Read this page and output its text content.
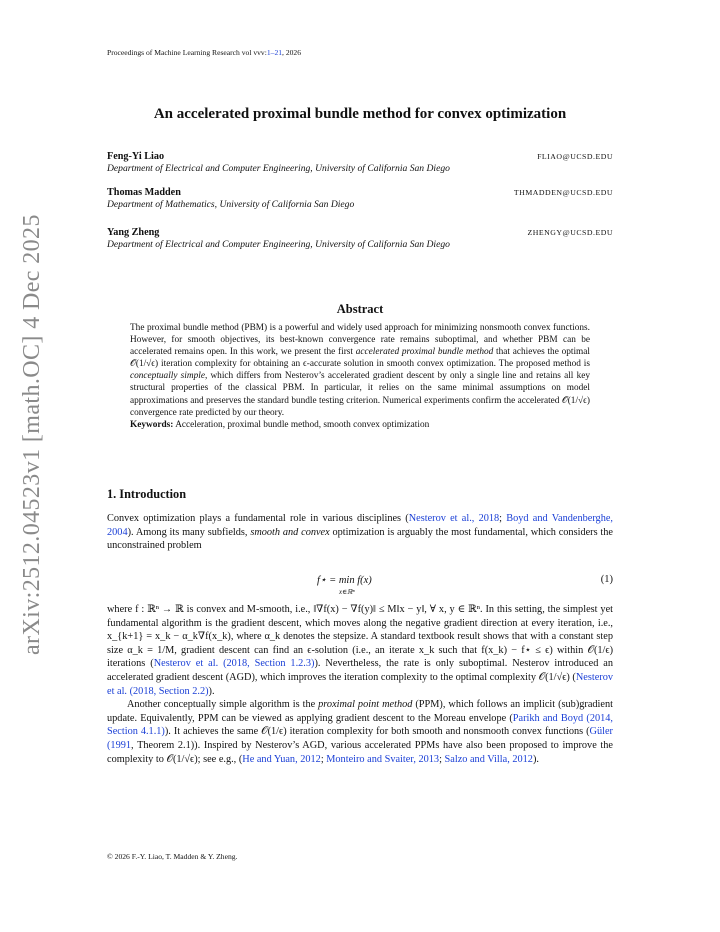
arXiv:2512.04523v1 [math.OC] 4 Dec 2025
Proceedings of Machine Learning Research vol vvv:1–21, 2026
An accelerated proximal bundle method for convex optimization
Feng-Yi Liao	FLIAO@UCSD.EDU
Department of Electrical and Computer Engineering, University of California San Diego
Thomas Madden	THMADDEN@UCSD.EDU
Department of Mathematics, University of California San Diego
Yang Zheng	ZHENGY@UCSD.EDU
Department of Electrical and Computer Engineering, University of California San Diego
Abstract
The proximal bundle method (PBM) is a powerful and widely used approach for minimizing nonsmooth convex functions. However, for smooth objectives, its best-known convergence rate remains suboptimal, and whether PBM can be accelerated remains open. In this work, we present the first accelerated proximal bundle method that achieves the optimal 𝒪(1/√ϵ) iteration complexity for obtaining an ϵ-accurate solution in smooth convex optimization. The proposed method is conceptually simple, which differs from Nesterov’s accelerated gradient descent by only a single line and retains all key structural properties of the classical PBM. In particular, it relies on the same minimal assumptions on model approximations and preserves the standard bundle testing criterion. Numerical experiments confirm the accelerated 𝒪(1/√ϵ) convergence rate predicted by our theory.
Keywords: Acceleration, proximal bundle method, smooth convex optimization
1. Introduction
Convex optimization plays a fundamental role in various disciplines (Nesterov et al., 2018; Boyd and Vandenberghe, 2004). Among its many subfields, smooth and convex optimization is arguably the most fundamental, which considers the unconstrained problem
f⋆ = min f(x)
x∈ℝⁿ
(1)
where f : ℝⁿ → ℝ is convex and M-smooth, i.e., ‖∇f(x) − ∇f(y)‖ ≤ M‖x − y‖, ∀ x, y ∈ ℝⁿ. In this setting, the simplest yet fundamental algorithm is the gradient descent, which moves along the negative gradient direction at every iteration, i.e., x_{k+1} = x_k − α_k∇f(x_k), where α_k denotes the stepsize. A standard textbook result shows that with a constant step size α_k = 1/M, gradient descent can find an ϵ-solution (i.e., an iterate x_k such that f(x_k) − f⋆ ≤ ϵ) within 𝒪(1/ϵ) iterations (Nesterov et al. (2018, Section 1.2.3)). Nevertheless, the rate is only suboptimal. Nesterov introduced an accelerated gradient descent (AGD), which improves the iteration complexity to the optimal complexity 𝒪(1/√ϵ) (Nesterov et al. (2018, Section 2.2)).
Another conceptually simple algorithm is the proximal point method (PPM), which follows an implicit (sub)gradient update. Equivalently, PPM can be viewed as applying gradient descent to the Moreau envelope (Parikh and Boyd (2014, Section 4.1.1)). It achieves the same 𝒪(1/ϵ) iteration complexity for both smooth and nonsmooth convex functions (Güler (1991, Theorem 2.1)). Inspired by Nesterov’s AGD, various accelerated PPMs have also been proposed to improve the complexity to 𝒪(1/√ϵ); see e.g., (He and Yuan, 2012; Monteiro and Svaiter, 2013; Salzo and Villa, 2012).
© 2026 F.-Y. Liao, T. Madden & Y. Zheng.
